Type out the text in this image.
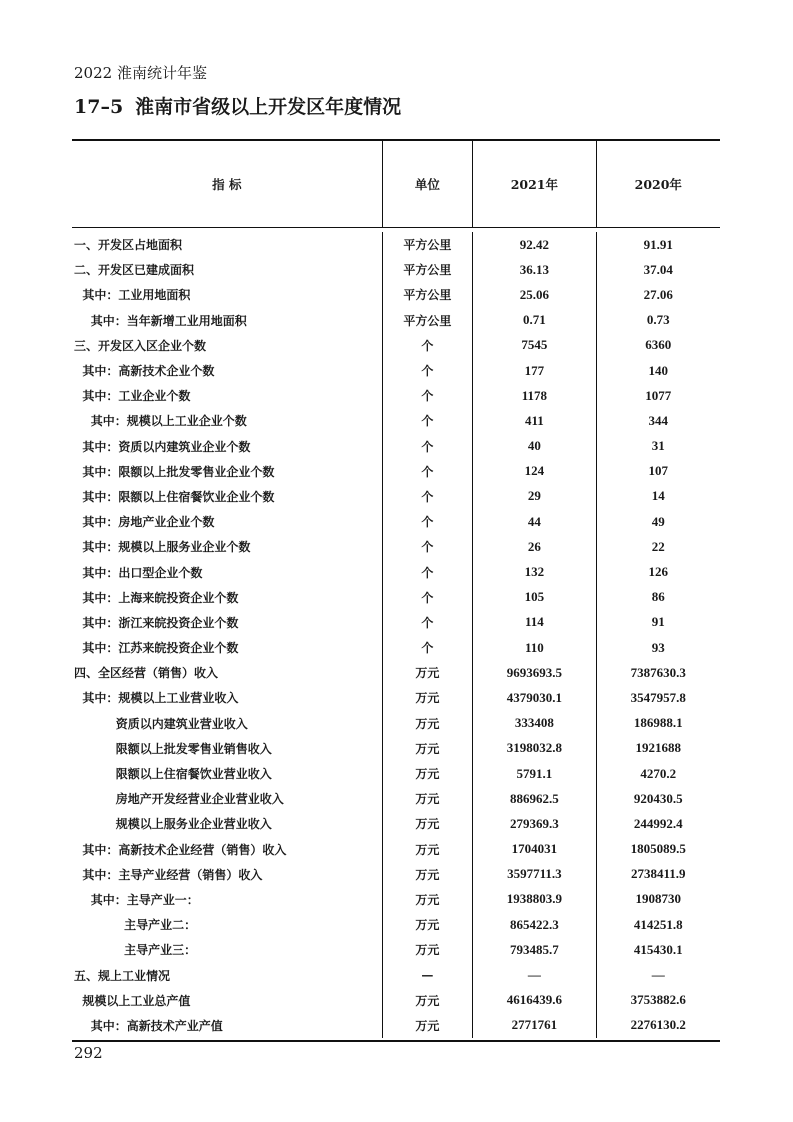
2022 淮南统计年鉴
17–5 淮南市省级以上开发区年度情况
指 标	单位	2021年	2020年
一、开发区占地面积	平方公里	92.42	91.91
二、开发区已建成面积	平方公里	36.13	37.04
其中：工业用地面积	平方公里	25.06	27.06
其中：当年新增工业用地面积	平方公里	0.71	0.73
三、开发区入区企业个数	个	7545	6360
其中：高新技术企业个数	个	177	140
其中：工业企业个数	个	1178	1077
其中：规模以上工业企业个数	个	411	344
其中：资质以内建筑业企业个数	个	40	31
其中：限额以上批发零售业企业个数	个	124	107
其中：限额以上住宿餐饮业企业个数	个	29	14
其中：房地产业企业个数	个	44	49
其中：规模以上服务业企业个数	个	26	22
其中：出口型企业个数	个	132	126
其中：上海来皖投资企业个数	个	105	86
其中：浙江来皖投资企业个数	个	114	91
其中：江苏来皖投资企业个数	个	110	93
四、全区经营（销售）收入	万元	9693693.5	7387630.3
其中：规模以上工业营业收入	万元	4379030.1	3547957.8
资质以内建筑业营业收入	万元	333408	186988.1
限额以上批发零售业销售收入	万元	3198032.8	1921688
限额以上住宿餐饮业营业收入	万元	5791.1	4270.2
房地产开发经营业企业营业收入	万元	886962.5	920430.5
规模以上服务业企业营业收入	万元	279369.3	244992.4
其中：高新技术企业经营（销售）收入	万元	1704031	1805089.5
其中：主导产业经营（销售）收入	万元	3597711.3	2738411.9
其中：主导产业一：	万元	1938803.9	1908730
主导产业二：	万元	865422.3	414251.8
主导产业三：	万元	793485.7	415430.1
五、规上工业情况	—	—	—
规模以上工业总产值	万元	4616439.6	3753882.6
其中：高新技术产业产值	万元	2771761	2276130.2
292
